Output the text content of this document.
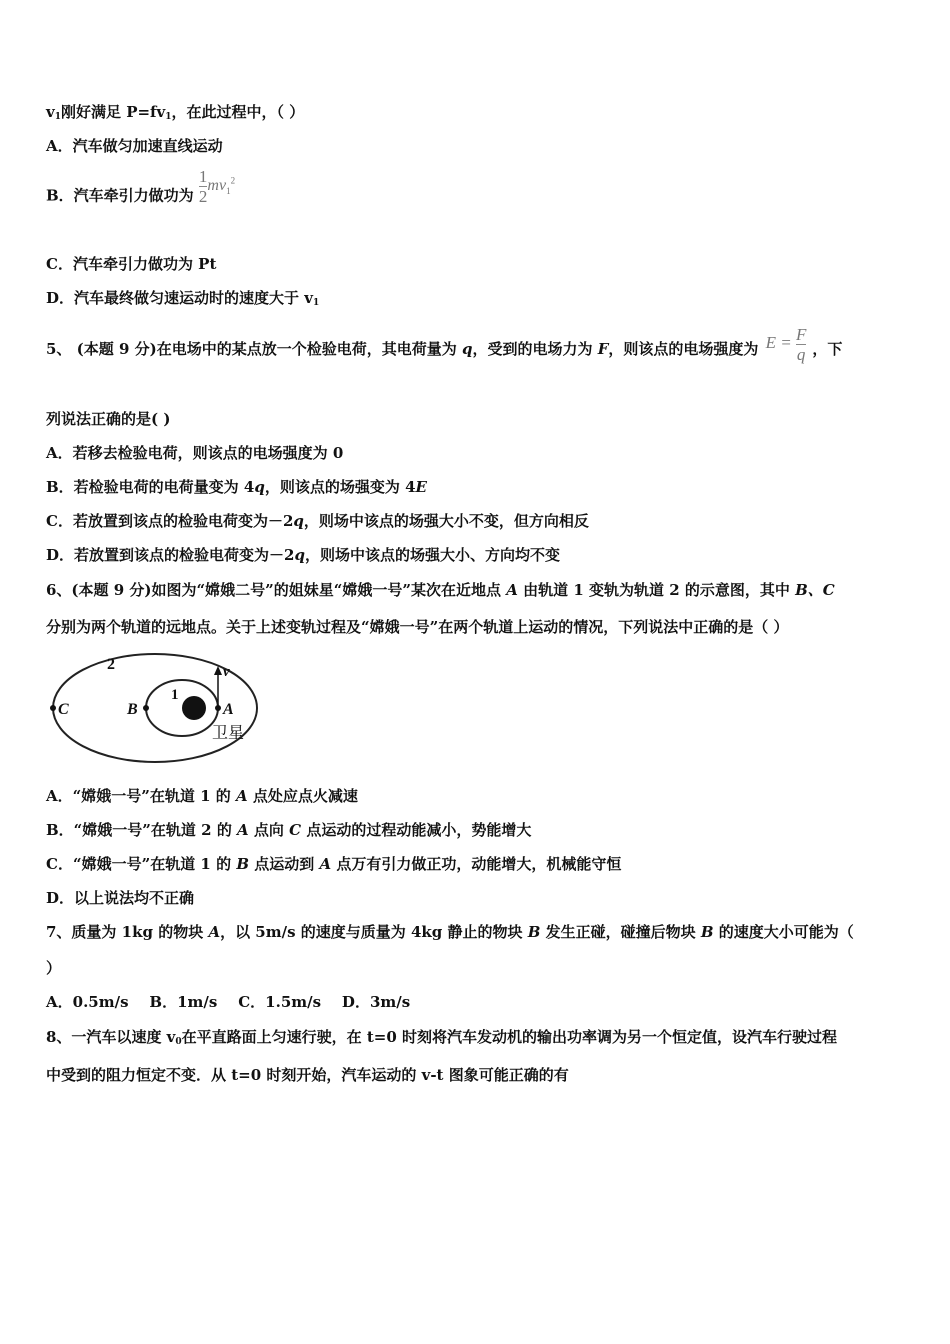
$v_1$刚好满足 $P=fv_1$，在此过程中，（ ）
A．汽车做匀加速直线运动
B．汽车牵引力做功为 $\frac{1}{2} mv_1^2$
C．汽车牵引力做功为 Pt
D．汽车最终做匀速运动时的速度大于 $v_1$
5、 (本题 9 分)在电场中的某点放一个检验电荷，其电荷量为 q，受到的电场力为 F，则该点的电场强度为 $E = \frac{F}{q}$ ，下
列说法正确的是( )
A．若移去检验电荷，则该点的电场强度为 0
B．若检验电荷的电荷量变为 4q，则该点的场强变为 4E
C．若放置到该点的检验电荷变为－2q，则场中该点的场强大小不变，但方向相反
D．若放置到该点的检验电荷变为－2q，则场中该点的场强大小、方向均不变
6、(本题 9 分)如图为“嫦娥二号”的姐妹星“嫦娥一号”某次在近地点 A 由轨道 1 变轨为轨道 2 的示意图，其中 B、C
分别为两个轨道的远地点。关于上述变轨过程及“嫦娥一号”在两个轨道上运动的情况，下列说法中正确的是（ ）
2
1
C	B	A
v
卫星
A．“嫦娥一号”在轨道 1 的 A 点处应点火减速
B．“嫦娥一号”在轨道 2 的 A 点向 C 点运动的过程动能减小，势能增大
C．“嫦娥一号”在轨道 1 的 B 点运动到 A 点万有引力做正功，动能增大，机械能守恒
D．以上说法均不正确
7、质量为 1kg 的物块 A，以 5m/s 的速度与质量为 4kg 静止的物块 B 发生正碰，碰撞后物块 B 的速度大小可能为（
）
A．0.5m/s    B．1m/s    C．1.5m/s    D．3m/s
8、一汽车以速度 $v_0$在平直路面上匀速行驶，在 t=0 时刻将汽车发动机的输出功率调为另一个恒定值，设汽车行驶过程
中受到的阻力恒定不变．从 t=0 时刻开始，汽车运动的 v-t 图象可能正确的有
